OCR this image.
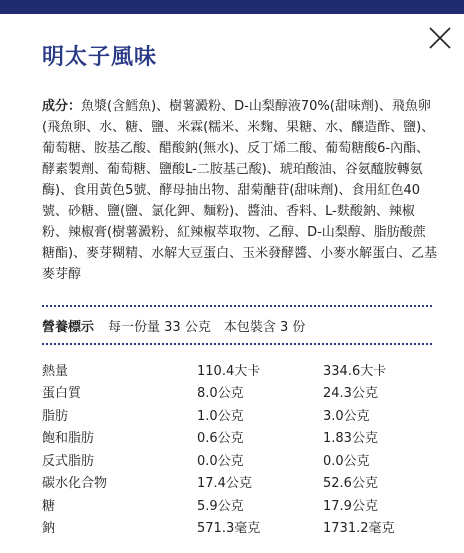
明太子風味
成分：魚漿(含鱈魚)、樹薯澱粉、D-山梨醇液70%(甜味劑)、飛魚卵(飛魚卵、水、糖、鹽、米霖(糯米、米麴、果糖、水、釀造酢、鹽)、葡萄糖、胺基乙酸、醋酸鈉(無水)、反丁烯二酸、葡萄糖酸6-內酯、酵素製劑、葡萄糖、鹽酸L-二胺基己酸)、琥珀酸油、谷氨醯胺轉氨酶)、食用黃色5號、酵母抽出物、甜菊醣苷(甜味劑)、食用紅色40號、砂糖、鹽(鹽、氯化鉀、麵粉)、醬油、香料、L-麩酸鈉、辣椒粉、辣椒膏(樹薯澱粉、紅辣椒萃取物、乙醇、D-山梨醇、脂肪酸蔗糖酯)、麥芽糊精、水解大豆蛋白、玉米發酵醬、小麥水解蛋白、乙基麥芽醇
營養標示 每一份量 33 公克　本包裝含 3 份
熱量	110.4大卡	334.6大卡
蛋白質	8.0公克	24.3公克
脂肪	1.0公克	3.0公克
飽和脂肪	0.6公克	1.83公克
反式脂肪	0.0公克	0.0公克
碳水化合物	17.4公克	52.6公克
糖	5.9公克	17.9公克
鈉	571.3毫克	1731.2毫克
